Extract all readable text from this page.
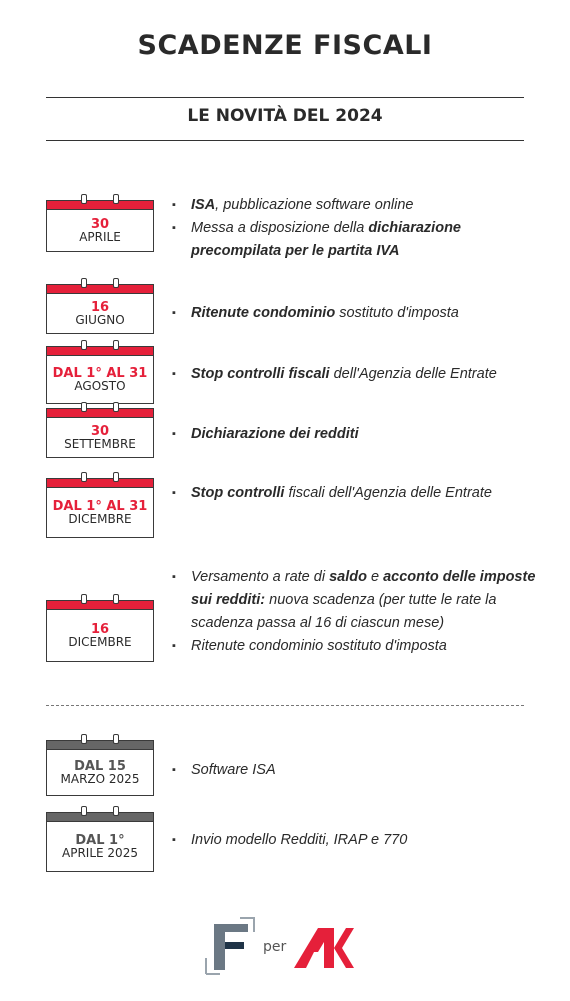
SCADENZE FISCALI
LE NOVITÀ DEL 2024
30
APRILE
▪ ISA, pubblicazione software online
▪ Messa a disposizione della dichiarazione precompilata per le partita IVA
16
GIUGNO
▪	Ritenute condominio sostituto d'imposta
DAL 1° AL 31
AGOSTO
▪ Stop controlli fiscali dell'Agenzia delle Entrate
30
SETTEMBRE
▪ Dichiarazione dei redditi
DAL 1° AL 31
DICEMBRE
▪ Stop controlli fiscali dell'Agenzia delle Entrate
16
DICEMBRE
▪ Versamento a rate di saldo e acconto delle imposte sui redditi: nuova scadenza (per tutte le rate la scadenza passa al 16 di ciascun mese)
▪ Ritenute condominio sostituto d'imposta
DAL 15
MARZO 2025
▪ Software ISA
DAL 1°
APRILE 2025
▪ Invio modello Redditi, IRAP e 770
F
per
K
